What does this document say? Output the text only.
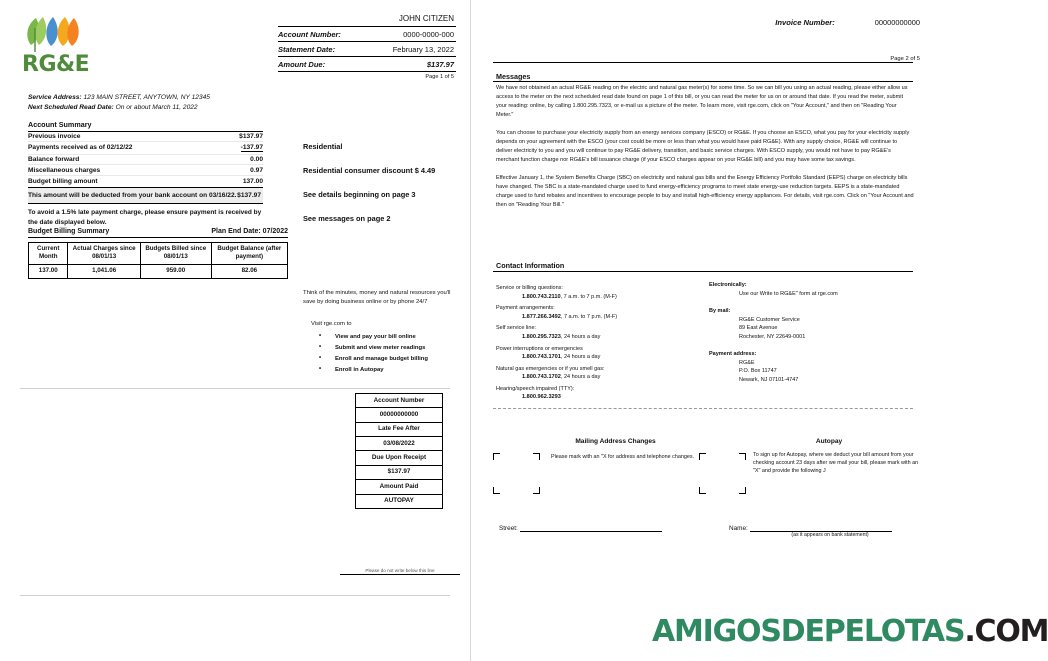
RG&E
JOHN CITIZEN
Account Number:	0000-0000-000
Statement Date:	February 13, 2022
Amount Due:	$137.97
Page 1 of 5
Service Address: 123 MAIN STREET, ANYTOWN, NY 12345
Next Scheduled Read Date: On or about March 11, 2022
Account Summary
Previous invoice	$137.97
Payments received as of 02/12/22	-137.97
Balance forward	0.00
Miscellaneous charges	0.97
Budget billing amount	137.00
This amount will be deducted from your bank account on 03/16/22. $137.97
To avoid a 1.5% late payment charge, please ensure payment is received by the date displayed below.
Budget Billing Summary	Plan End Date: 07/2022
Current Month	Actual Charges since 08/01/13	Budgets Billed since 08/01/13	Budget Balance (after payment)
137.00	1,041.06	959.00	82.06

Residential

Residential consumer discount $ 4.49

See details beginning on page 3

See messages on page 2

Think of the minutes, money and natural resources you'll save by doing business online or by phone 24/7
Visit rge.com to
• View and pay your bill online
• Submit and view meter readings
• Enroll and manage budget billing
• Enroll in Autopay
Account Number
00000000000
Late Fee After
03/08/2022
Due Upon Receipt
$137.97
Amount Paid
AUTOPAY
Please do not write below this line
Invoice Number:	00000000000
Page 2 of 5
Messages

We have not obtained an actual RG&E reading on the electric and natural gas meter(s) for some time. So we can bill you using an actual reading, please either allow us access to the meter on the next scheduled read date found on page 1 of this bill, or you can read the meter for us on or around that date. If you read the meter, submit your reading: online, by calling 1.800.295.7323, or e-mail us a picture of the meter. To learn more, visit rge.com, click on "Your Account," and then on "Reading Your Meter."

You can choose to purchase your electricity supply from an energy services company (ESCO) or RG&E. If you choose an ESCO, what you pay for your electricity supply depends on your agreement with the ESCO (your cost could be more or less than what you would have paid RG&E). With any supply choice, RG&E will continue to deliver electricity to you and you will continue to pay RG&E delivery, transition, and basic service charges. With ESCO supply, you would not have to pay RG&E's merchant function charge nor RG&E's bill issuance charge (if your ESCO charges appear on your RG&E bill) and you may have some tax savings.

Effective January 1, the System Benefits Charge (SBC) on electricity and natural gas bills and the Energy Efficiency Portfolio Standard (EEPS) charge on electricity bills have changed. The SBC is a state-mandated charge used to fund energy-efficiency programs to meet state energy-use reduction targets. EEPS is a state-mandated charge used to fund rebates and incentives to encourage people to buy and install high-efficiency energy appliances. For details, visit rge.com. Click on "Your Account and then on "Reading Your Bill."

Contact Information
Service or billing questions:
1.800.743.2110, 7 a.m. to 7 p.m. (M-F)
Payment arrangements:
1.877.266.3492, 7 a.m. to 7 p.m. (M-F)
Self service line:
1.800.295.7323, 24 hours a day
Power interruptions or emergencies
1.800.743.1701, 24 hours a day
Natural gas emergencies or if you smell gas:
1.800.743.1702, 24 hours a day
Hearing/speech impaired (TTY):
1.800.962.3293
Electronically:
Use our Write to RG&E" form at rge.com
By mail:
RG&E Customer Service
89 East Avenue
Rochester, NY 22649-0001
Payment address:
RG&E
P.O. Box 11747
Newark, NJ 07101-4747
Mailing Address Changes
Please mark with an "X for address and telephone changes.
Autopay
To sign up for Autopay, where we deduct your bill amount from your checking account 23 days after we mail your bill, please mark with an "X" and provide the following J
Street:	Name:
(as it appears on bank statement)
AMIGOSDEPELOTAS.COM
